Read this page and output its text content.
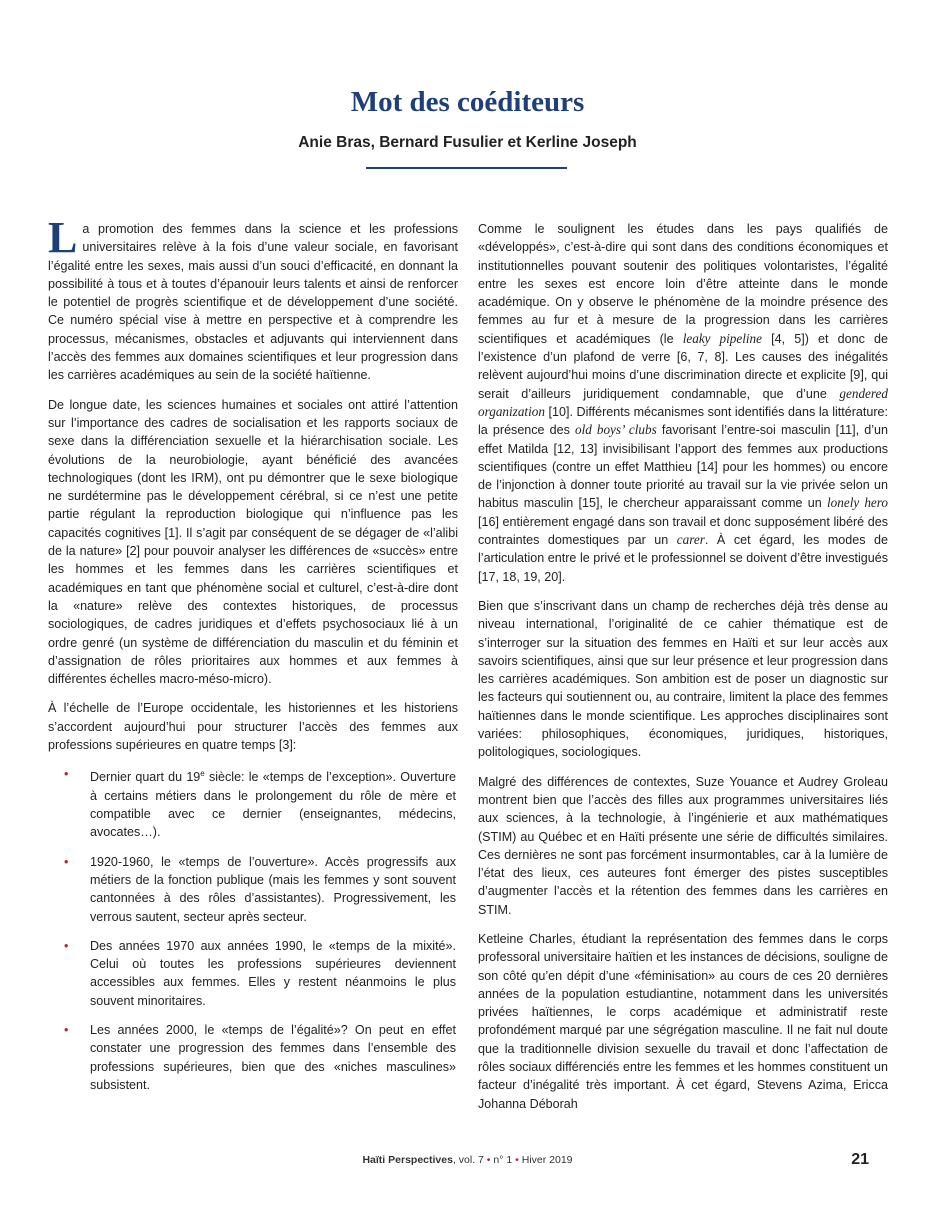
Mot des coéditeurs
Anie Bras, Bernard Fusulier et Kerline Joseph

La promotion des femmes dans la science et les professions universitaires relève à la fois d’une valeur sociale, en favorisant l’égalité entre les sexes, mais aussi d’un souci d’efficacité, en donnant la possibilité à tous et à toutes d’épanouir leurs talents et ainsi de renforcer le potentiel de progrès scientifique et de développement d’une société. Ce numéro spécial vise à mettre en perspective et à comprendre les processus, mécanismes, obstacles et adjuvants qui interviennent dans l’accès des femmes aux domaines scientifiques et leur progression dans les carrières académiques au sein de la société haïtienne.

De longue date, les sciences humaines et sociales ont attiré l’attention sur l’importance des cadres de socialisation et les rapports sociaux de sexe dans la différenciation sexuelle et la hiérarchisation sociale. Les évolutions de la neurobiologie, ayant bénéficié des avancées technologiques (dont les IRM), ont pu démontrer que le sexe biologique ne surdétermine pas le développement cérébral, si ce n’est une petite partie régulant la reproduction biologique qui n’influence pas les capacités cognitives [1]. Il s’agit par conséquent de se dégager de «l’alibi de la nature» [2] pour pouvoir analyser les différences de «succès» entre les hommes et les femmes dans les carrières scientifiques et académiques en tant que phénomène social et culturel, c’est-à-dire dont la «nature» relève des contextes historiques, de processus sociologiques, de cadres juridiques et d’effets psychosociaux lié à un ordre genré (un système de différenciation du masculin et du féminin et d’assignation de rôles prioritaires aux hommes et aux femmes à différentes échelles macro-méso-micro).

À l’échelle de l’Europe occidentale, les historiennes et les historiens s’accordent aujourd’hui pour structurer l’accès des femmes aux professions supérieures en quatre temps [3]:

• Dernier quart du 19e siècle: le «temps de l’exception». Ouverture à certains métiers dans le prolongement du rôle de mère et compatible avec ce dernier (enseignantes, médecins, avocates…).
• 1920-1960, le «temps de l’ouverture». Accès progressifs aux métiers de la fonction publique (mais les femmes y sont souvent cantonnées à des rôles d’assistantes). Progressivement, les verrous sautent, secteur après secteur.
• Des années 1970 aux années 1990, le «temps de la mixité». Celui où toutes les professions supérieures deviennent accessibles aux femmes. Elles y restent néanmoins le plus souvent minoritaires.
• Les années 2000, le «temps de l’égalité»? On peut en effet constater une progression des femmes dans l’ensemble des professions supérieures, bien que des «niches masculines» subsistent.

Comme le soulignent les études dans les pays qualifiés de «développés», c’est-à-dire qui sont dans des conditions économiques et institutionnelles pouvant soutenir des politiques volontaristes, l’égalité entre les sexes est encore loin d’être atteinte dans le monde académique. On y observe le phénomène de la moindre présence des femmes au fur et à mesure de la progression dans les carrières scientifiques et académiques (le leaky pipeline [4, 5]) et donc de l’existence d’un plafond de verre [6, 7, 8]. Les causes des inégalités relèvent aujourd’hui moins d’une discrimination directe et explicite [9], qui serait d’ailleurs juridiquement condamnable, que d’une gendered organization [10]. Différents mécanismes sont identifiés dans la littérature: la présence des old boys’ clubs favorisant l’entre-soi masculin [11], d’un effet Matilda [12, 13] invisibilisant l’apport des femmes aux productions scientifiques (contre un effet Matthieu [14] pour les hommes) ou encore de l’injonction à donner toute priorité au travail sur la vie privée selon un habitus masculin [15], le chercheur apparaissant comme un lonely hero [16] entièrement engagé dans son travail et donc supposément libéré des contraintes domestiques par un carer. À cet égard, les modes de l’articulation entre le privé et le professionnel se doivent d’être investigués [17, 18, 19, 20].

Bien que s’inscrivant dans un champ de recherches déjà très dense au niveau international, l’originalité de ce cahier thématique est de s’interroger sur la situation des femmes en Haïti et sur leur accès aux savoirs scientifiques, ainsi que sur leur présence et leur progression dans les carrières académiques. Son ambition est de poser un diagnostic sur les facteurs qui soutiennent ou, au contraire, limitent la place des femmes haïtiennes dans le monde scientifique. Les approches disciplinaires sont variées: philosophiques, économiques, juridiques, historiques, politologiques, sociologiques.

Malgré des différences de contextes, Suze Youance et Audrey Groleau montrent bien que l’accès des filles aux programmes universitaires liés aux sciences, à la technologie, à l’ingénierie et aux mathématiques (STIM) au Québec et en Haïti présente une série de difficultés similaires. Ces dernières ne sont pas forcément insurmontables, car à la lumière de l’état des lieux, ces auteures font émerger des pistes susceptibles d’augmenter l’accès et la rétention des femmes dans les carrières en STIM.

Ketleine Charles, étudiant la représentation des femmes dans le corps professoral universitaire haïtien et les instances de décisions, souligne de son côté qu’en dépit d’une «féminisation» au cours de ces 20 dernières années de la population estudiantine, notamment dans les universités privées haïtiennes, le corps académique et administratif reste profondément marqué par une ségrégation masculine. Il ne fait nul doute que la traditionnelle division sexuelle du travail et donc l’affectation de rôles sociaux différenciés entre les femmes et les hommes constituent un facteur d’inégalité très important. À cet égard, Stevens Azima, Ericca Johanna Déborah

Haïti Perspectives, vol. 7 • n° 1 • Hiver 2019	21
